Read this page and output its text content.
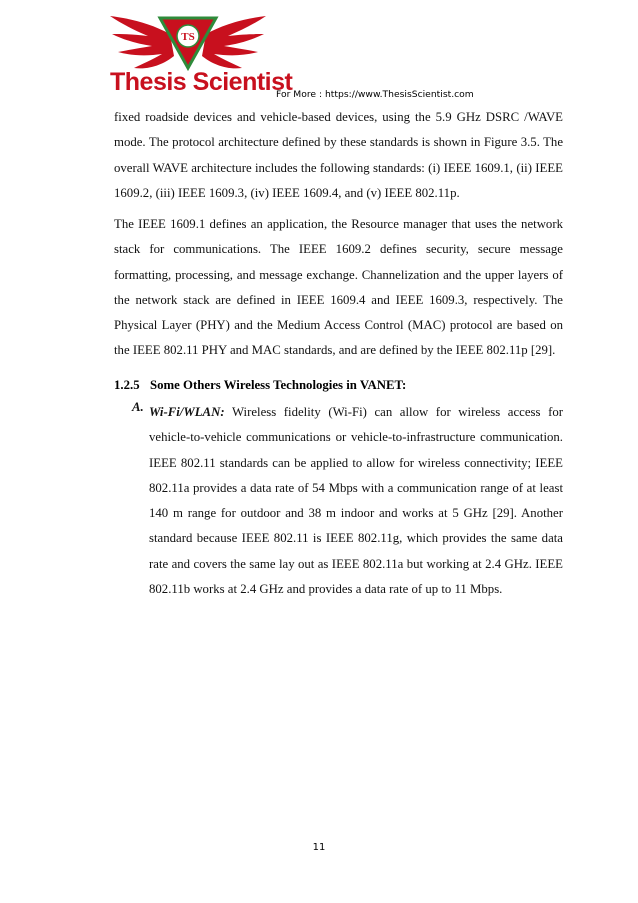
TS
Thesis Scientist
For More : https://www.ThesisScientist.com

fixed roadside devices and vehicle-based devices, using the 5.9 GHz DSRC /WAVE mode. The protocol architecture defined by these standards is shown in Figure 3.5. The overall WAVE architecture includes the following standards: (i) IEEE 1609.1, (ii) IEEE 1609.2, (iii) IEEE 1609.3, (iv) IEEE 1609.4, and (v) IEEE 802.11p.

The IEEE 1609.1 defines an application, the Resource manager that uses the network stack for communications. The IEEE 1609.2 defines security, secure message formatting, processing, and message exchange. Channelization and the upper layers of the network stack are defined in IEEE 1609.4 and IEEE 1609.3, respectively. The Physical Layer (PHY) and the Medium Access Control (MAC) protocol are based on the IEEE 802.11 PHY and MAC standards, and are defined by the IEEE 802.11p [29].

1.2.5 Some Others Wireless Technologies in VANET:
A. Wi-Fi/WLAN: Wireless fidelity (Wi-Fi) can allow for wireless access for vehicle-to-vehicle communications or vehicle-to-infrastructure communication. IEEE 802.11 standards can be applied to allow for wireless connectivity; IEEE 802.11a provides a data rate of 54 Mbps with a communication range of at least 140 m range for outdoor and 38 m indoor and works at 5 GHz [29]. Another standard because IEEE 802.11 is IEEE 802.11g, which provides the same data rate and covers the same lay out as IEEE 802.11a but working at 2.4 GHz. IEEE 802.11b works at 2.4 GHz and provides a data rate of up to 11 Mbps.

11
